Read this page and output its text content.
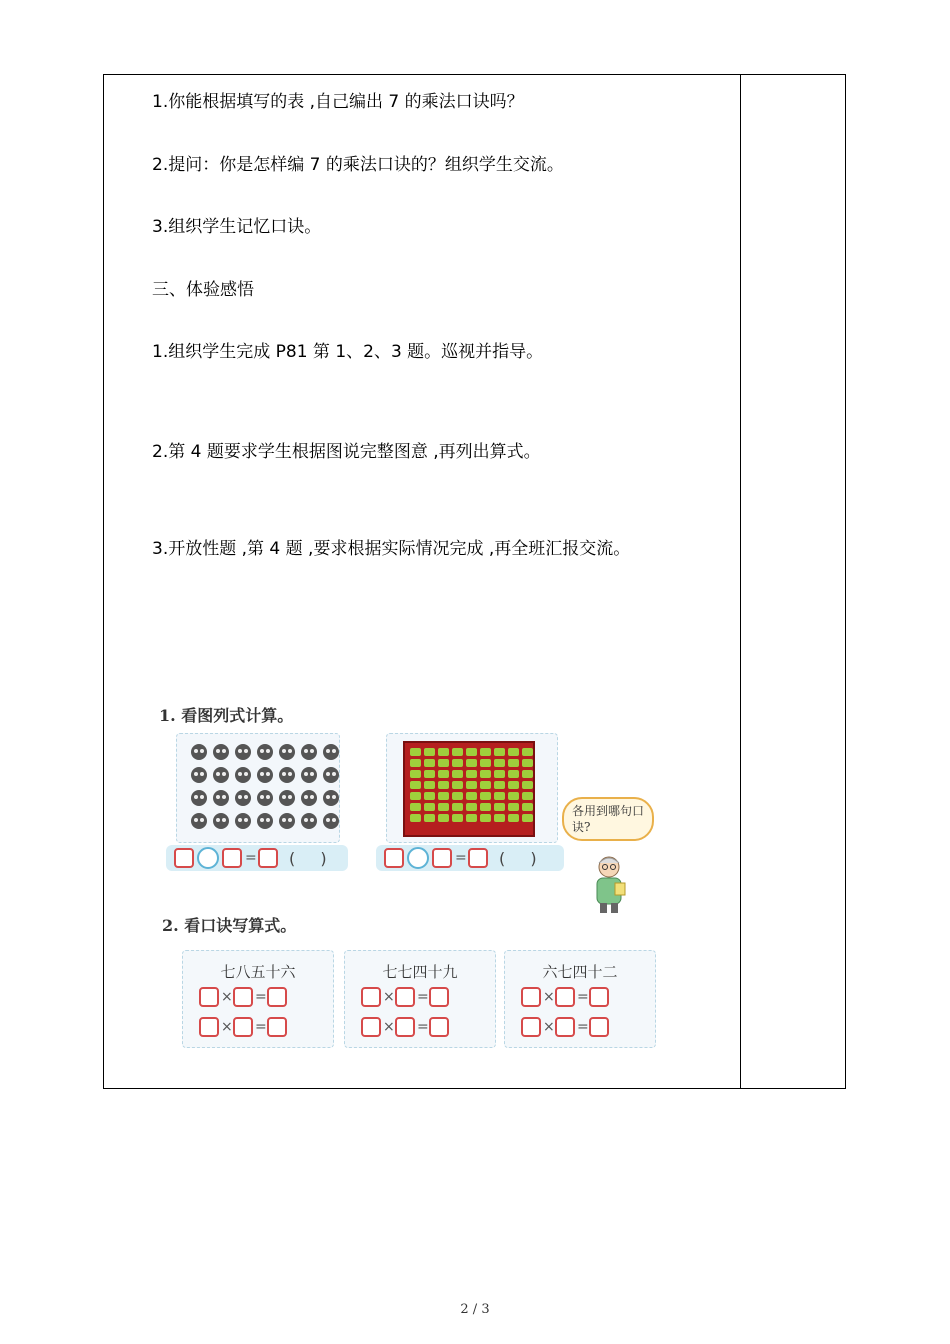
1.你能根据填写的表 ,自己编出 7 的乘法口诀吗？
2.提问：你是怎样编 7 的乘法口诀的？组织学生交流。
3.组织学生记忆口诀。
三、体验感悟
1.组织学生完成 P81 第 1、2、3 题。巡视并指导。
2.第 4 题要求学生根据图说完整图意 ,再列出算式。
3.开放性题 ,第 4 题 ,要求根据实际情况完成 ,再全班汇报交流。
1. 看图列式计算。
= ( )	= ( )
各用到哪句口诀?
2. 看口诀写算式。
七八五十六
× =
× =
七七四十九
× =
× =
六七四十二
× =
× =
2 / 3
